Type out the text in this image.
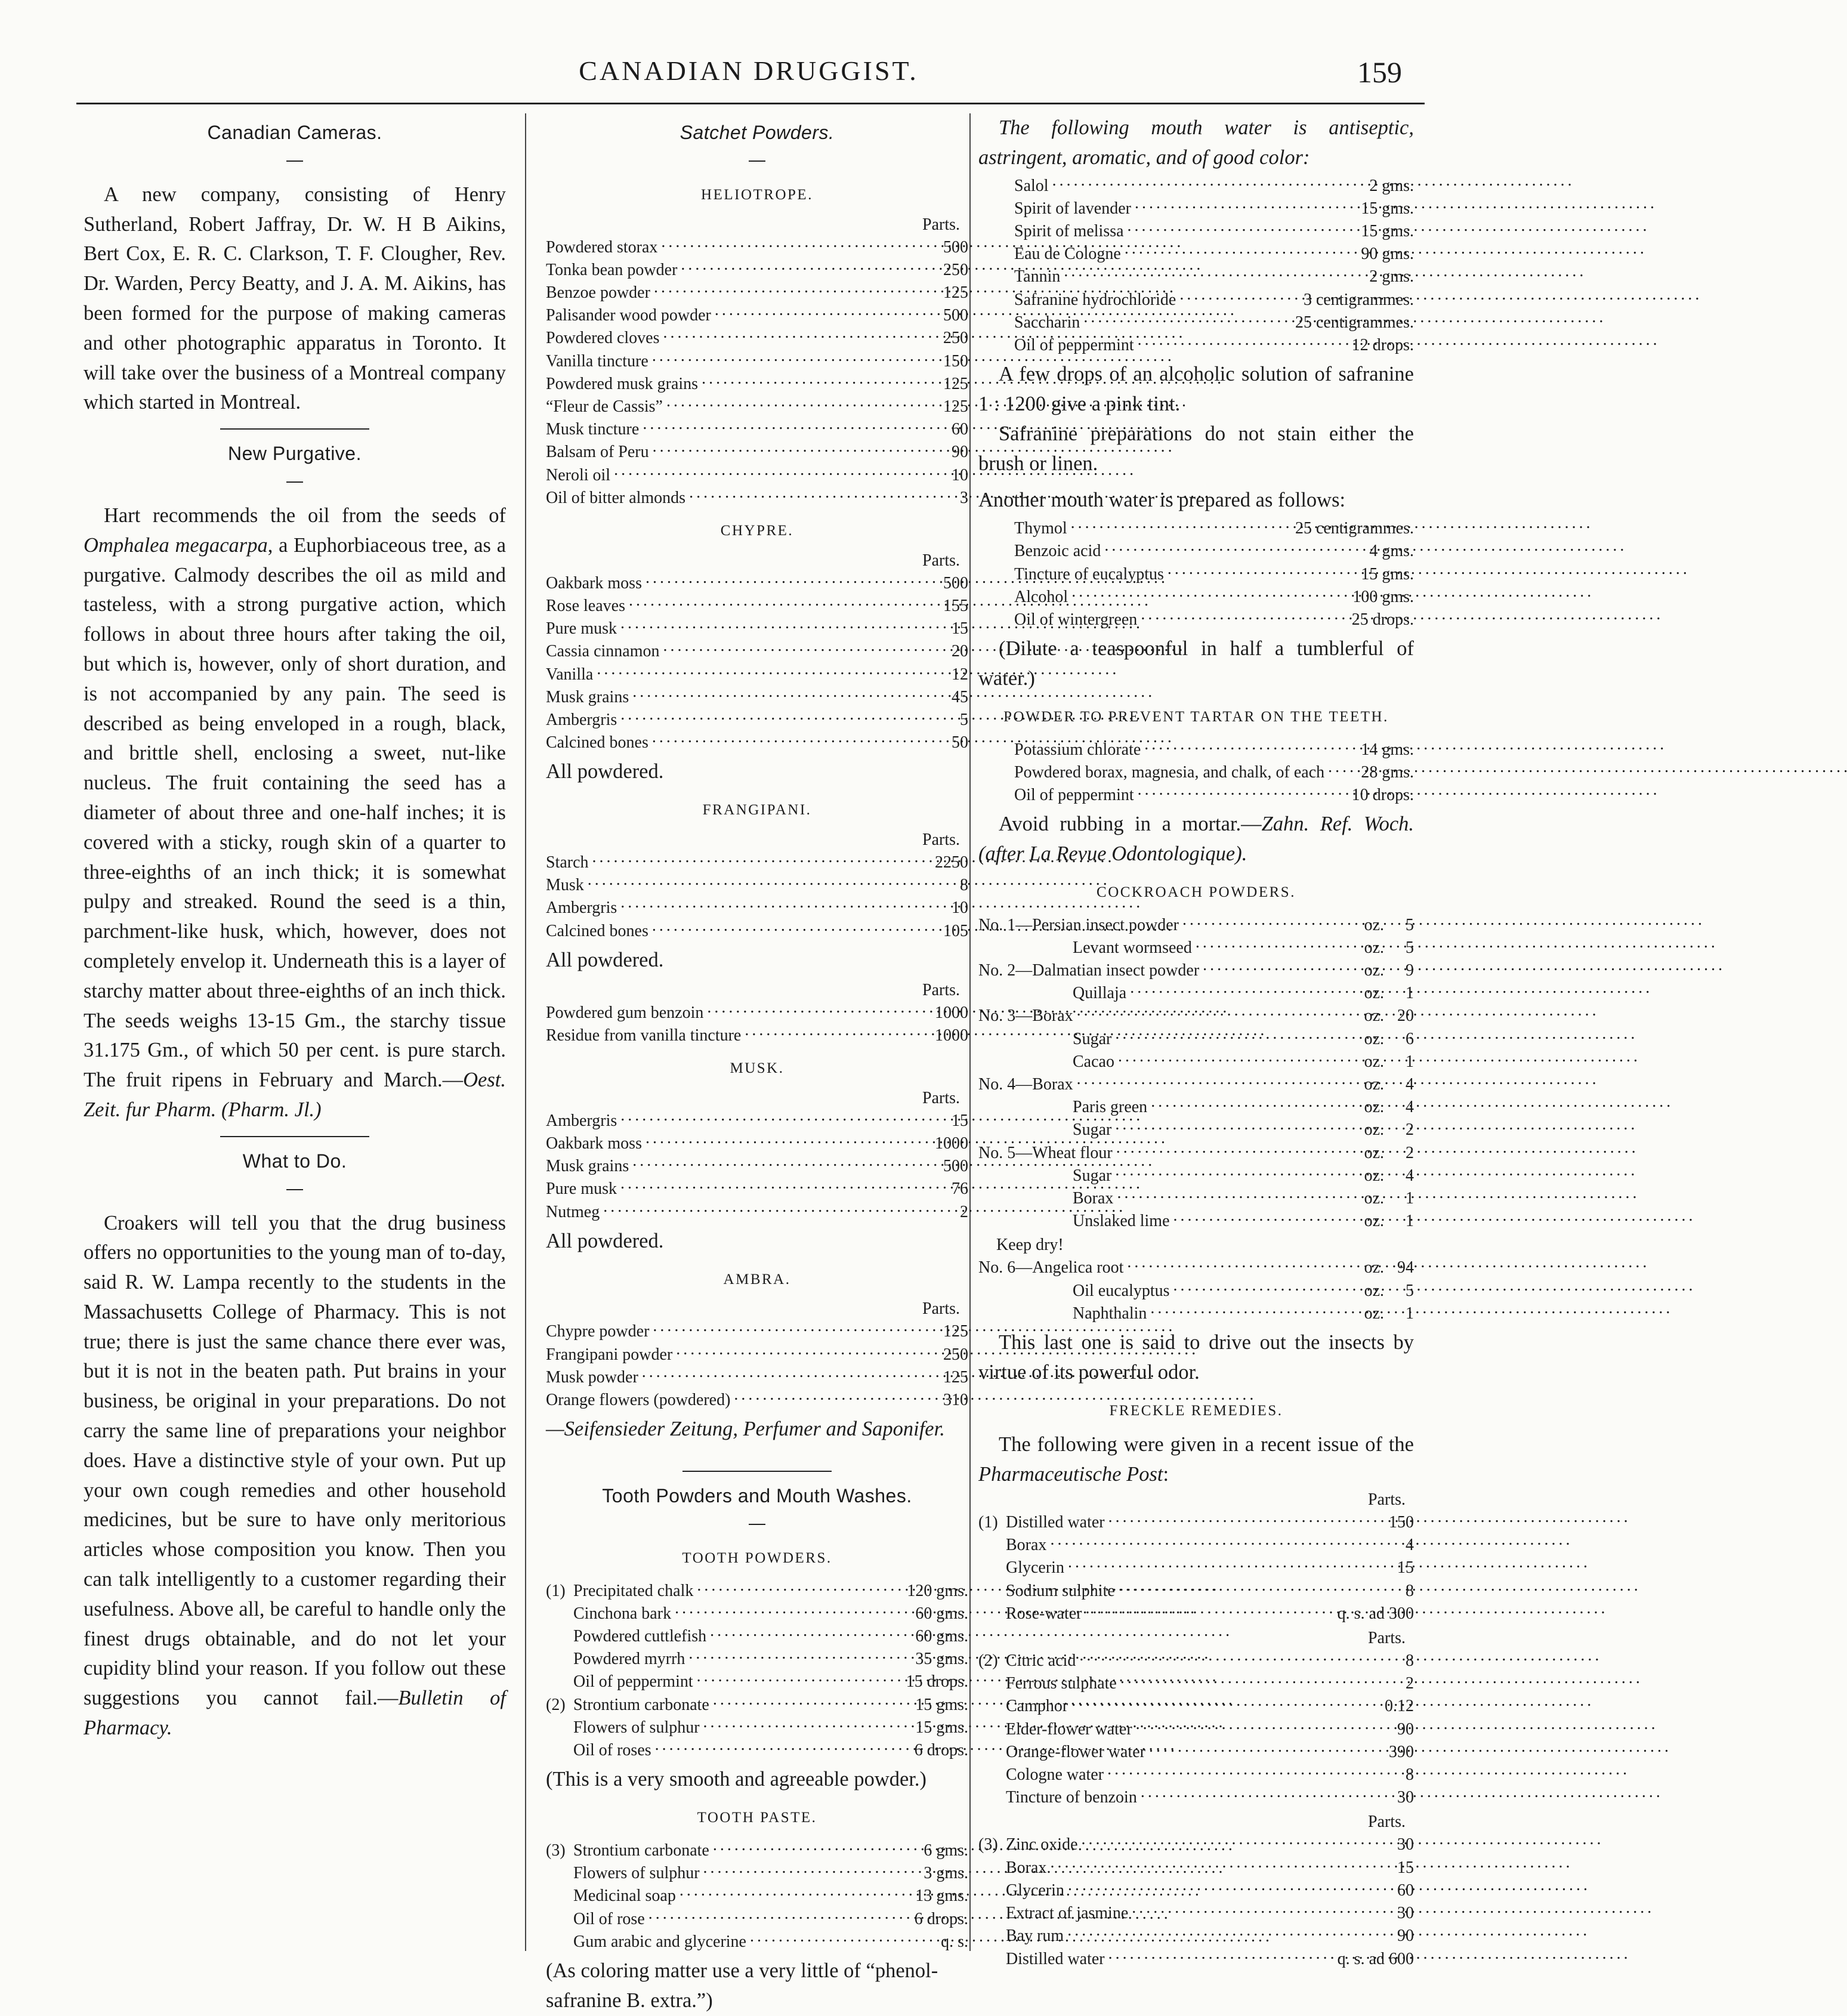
CANADIAN DRUGGIST.	159
Canadian Cameras.

A new company, consisting of Henry Sutherland, Robert Jaffray, Dr. W. H B Aikins, Bert Cox, E. R. C. Clarkson, T. F. Clougher, Rev. Dr. Warden, Percy Beatty, and J. A. M. Aikins, has been formed for the purpose of making cameras and other photographic apparatus in Toronto. It will take over the business of a Montreal company which started in Montreal.

New Purgative.

Hart recommends the oil from the seeds of Omphalea megacarpa, a Euphorbiaceous tree, as a purgative. Calmody describes the oil as mild and tasteless, with a strong purgative action, which follows in about three hours after taking the oil, but which is, however, only of short duration, and is not accompanied by any pain. The seed is described as being enveloped in a rough, black, and brittle shell, enclosing a sweet, nut-like nucleus. The fruit containing the seed has a diameter of about three and one-half inches; it is covered with a sticky, rough skin of a quarter to three-eighths of an inch thick; it is somewhat pulpy and streaked. Round the seed is a thin, parchment-like husk, which, however, does not completely envelop it. Underneath this is a layer of starchy matter about three-eighths of an inch thick. The seeds weighs 13-15 Gm., the starchy tissue 31.175 Gm., of which 50 per cent. is pure starch. The fruit ripens in February and March.—Oest. Zeit. fur Pharm. (Pharm. Jl.)

What to Do.

Croakers will tell you that the drug business offers no opportunities to the young man of to-day, said R. W. Lampa recently to the students in the Massachusetts College of Pharmacy. This is not true; there is just the same chance there ever was, but it is not in the beaten path. Put brains in your business, be original in your preparations. Do not carry the same line of preparations your neighbor does. Have a distinctive style of your own. Put up your own cough remedies and other household medicines, but be sure to have only meritorious articles whose composition you know. Then you can talk intelligently to a customer regarding their usefulness. Above all, be careful to handle only the finest drugs obtainable, and do not let your cupidity blind your reason. If you follow out these suggestions you cannot fail.—Bulletin of Pharmacy.

Satchet Powders.
HELIOTROPE.
Parts.
Powdered storax . . .	500
Tonka bean powder . . .	250
Benzoe powder . . .	125
Palisander wood powder . . .	500
Powdered cloves . . .	250
Vanilla tincture . . .	150
Powdered musk grains . . .	125
“Fleur de Cassis” . . .	125
Musk tincture . . .	60
Balsam of Peru . . .	90
Neroli oil . . .	10
Oil of bitter almonds . . .	3
CHYPRE.
Parts.
Oakbark moss . . .	500
Rose leaves . . .	155
Pure musk . . .	15
Cassia cinnamon . . .	20
Vanilla . . .	12
Musk grains . . .	45
Ambergris . . .	5
Calcined bones . . .	50

All powdered.

FRANGIPANI.
Parts.
Starch . . .	2250
Musk . . .	8
Ambergris . . .	10
Calcined bones . . .	105

All powdered.

Parts.
Powdered gum benzoin . . .	1000
Residue from vanilla tincture . . .	1000
MUSK.
Parts.
Ambergris . . .	15
Oakbark moss . . .	1000
Musk grains . . .	500
Pure musk . . .	76
Nutmeg . . .	2

All powdered.

AMBRA.
Parts.
Chypre powder . . .	125
Frangipani powder . . .	250
Musk powder . . .	125
Orange flowers (powdered) . . .	310

—Seifensieder Zeitung, Perfumer and Saponifer.

Tooth Powders and Mouth Washes.
TOOTH POWDERS.
(1) Precipitated chalk . . .	120 gms.
Cinchona bark . . .	60 gms.
Powdered cuttlefish . . .	60 gms.
Powdered myrrh . . .	35 gms.
Oil of peppermint . . .	15 drops.
(2) Strontium carbonate . . .	15 gms.
Flowers of sulphur . . .	15 gms.
Oil of roses . . .	6 drops.

(This is a very smooth and agreeable powder.)

TOOTH PASTE.
(3) Strontium carbonate . . .	6 gms.
Flowers of sulphur . . .	3 gms.
Medicinal soap . . .	13 gms.
Oil of rose . . .	6 drops.
Gum arabic and glycerine . . .	q. s.

(As coloring matter use a very little of “phenol-safranine B. extra.”)

The following mouth water is antiseptic, astringent, aromatic, and of good color:

Salol . . .	2 gms.
Spirit of lavender . . .	15 gms.
Spirit of melissa . . .	15 gms.
Eau de Cologne . . .	90 gms.
Tannin . . .	2 gms.
Safranine hydrochloride . . .	3 centigrammes.
Saccharin . . .	25 centigrammes.
Oil of peppermint . . .	12 drops.

A few drops of an alcoholic solution of safranine 1 : 1200 give a pink tint.

Safranine preparations do not stain either the brush or linen.

Another mouth water is prepared as follows:

Thymol . . .	25 centigrammes.
Benzoic acid . . .	4 gms.
Tincture of eucalyptus . . .	15 gms.
Alcohol . . .	100 gms.
Oil of wintergreen . . .	25 drops.

(Dilute a teaspoonful in half a tumblerful of water.)

POWDER TO PREVENT TARTAR ON THE TEETH.
Potassium chlorate . . .	14 gms.
Powdered borax, magnesia, and chalk, of each . . . 28 gms.
Oil of peppermint . . .	10 drops.

Avoid rubbing in a mortar.—Zahn. Ref. Woch. (after La Revue Odontologique).

COCKROACH POWDERS.
No. 1— Persian insect powder . . .	oz.	5
Levant wormseed . . .	oz.	5
No. 2— Dalmatian insect powder . . .	oz.	9
Quillaja . . .	oz.	1
No. 3— Borax . . .	oz. 20
Sugar . . .	oz.	6
Cacao . . .	oz.	1
No. 4— Borax . . .	oz.	4
Paris green . . .	oz.	4
Sugar . . .	oz.	2
No. 5— Wheat flour . . .	oz.	2
Sugar . . .	oz.	4
Borax . . .	oz.	1
Unslaked lime . . .	oz.	1

Keep dry!

No. 6— Angelica root . . .	oz. 94
Oil eucalyptus . . .	oz.	5
Naphthalin . . .	oz.	1

This last one is said to drive out the insects by virtue of its powerful odor.

FRECKLE REMEDIES.

The following were given in a recent issue of the Pharmaceutische Post:

Parts.
(1) Distilled water . . .	150
Borax . . .	4
Glycerin . . .	15
Sodium sulphite . . .	8
Rose-water . . .	q. s. ad 300
Parts.
(2) Citric acid . . .	8
Ferrous sulphate . . .	2
Camphor . . .	0.12
Elder-flower water . . .	90
Orange-flower water . . .	390
Cologne water . . .	8
Tincture of benzoin . . .	30
Parts.
(3) Zinc oxide . . .	30
Borax . . .	15
Glycerin . . .	60
Extract of jasmine . . .	30
Bay rum . . .	90
Distilled water . . .	q. s. ad 600
